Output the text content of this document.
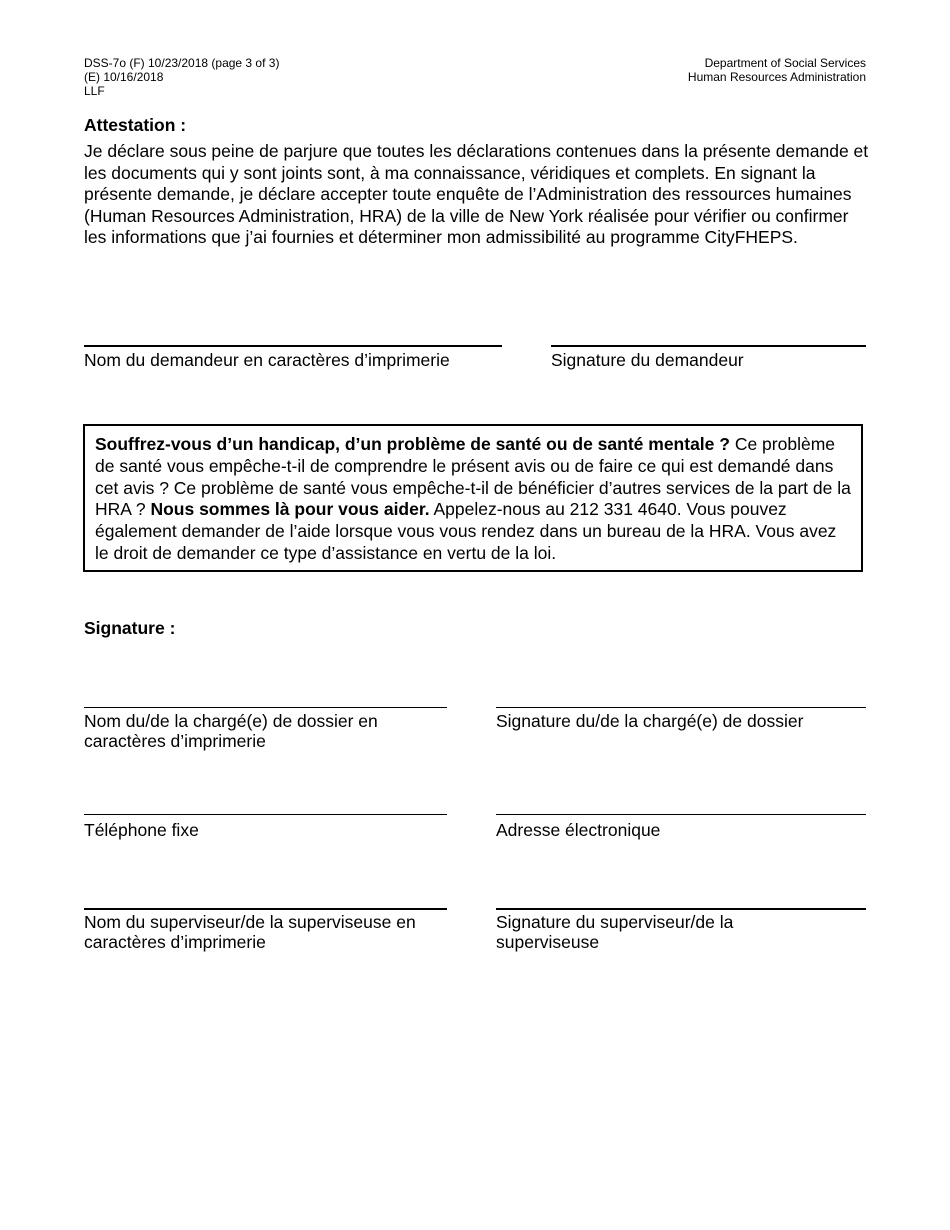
DSS-7o (F) 10/23/2018 (page 3 of 3)
(E) 10/16/2018
LLF
Department of Social Services
Human Resources Administration
Attestation :
Je déclare sous peine de parjure que toutes les déclarations contenues dans la présente demande et les documents qui y sont joints sont, à ma connaissance, véridiques et complets. En signant la présente demande, je déclare accepter toute enquête de l’Administration des ressources humaines (Human Resources Administration, HRA) de la ville de New York réalisée pour vérifier ou confirmer les informations que j’ai fournies et déterminer mon admissibilité au programme CityFHEPS.
Nom du demandeur en caractères d’imprimerie	Signature du demandeur

Souffrez-vous d’un handicap, d’un problème de santé ou de santé mentale ? Ce problème de santé vous empêche-t-il de comprendre le présent avis ou de faire ce qui est demandé dans cet avis ? Ce problème de santé vous empêche-t-il de bénéficier d’autres services de la part de la HRA ? Nous sommes là pour vous aider. Appelez-nous au 212 331 4640. Vous pouvez également demander de l’aide lorsque vous vous rendez dans un bureau de la HRA. Vous avez le droit de demander ce type d’assistance en vertu de la loi.

Signature :
Nom du/de la chargé(e) de dossier en caractères d’imprimerie
Signature du/de la chargé(e) de dossier
Téléphone fixe	Adresse électronique
Nom du superviseur/de la superviseuse en caractères d’imprimerie
Signature du superviseur/de la superviseuse
